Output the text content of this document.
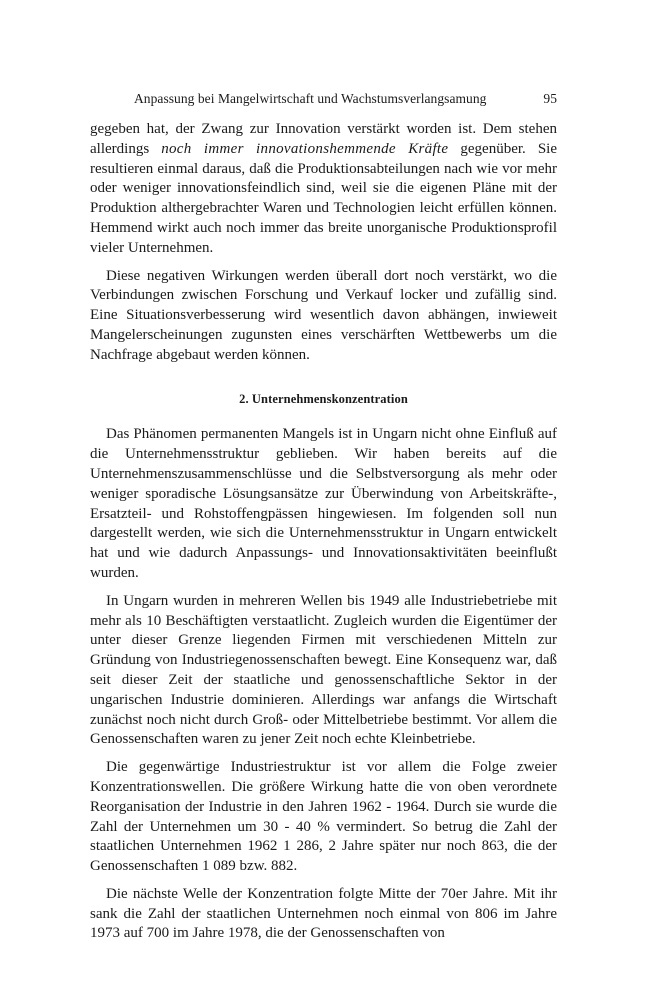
Anpassung bei Mangelwirtschaft und Wachstumsverlangsamung	95

gegeben hat, der Zwang zur Innovation verstärkt worden ist. Dem stehen allerdings noch immer innovationshemmende Kräfte gegenüber. Sie resultieren einmal daraus, daß die Produktionsabteilungen nach wie vor mehr oder weniger innovationsfeindlich sind, weil sie die eigenen Pläne mit der Produktion althergebrachter Waren und Technologien leicht erfüllen können. Hemmend wirkt auch noch immer das breite unorganische Produktionsprofil vieler Unternehmen.

Diese negativen Wirkungen werden überall dort noch verstärkt, wo die Verbindungen zwischen Forschung und Verkauf locker und zufällig sind. Eine Situationsverbesserung wird wesentlich davon abhängen, inwieweit Mangelerscheinungen zugunsten eines verschärften Wettbewerbs um die Nachfrage abgebaut werden können.

2. Unternehmenskonzentration

Das Phänomen permanenten Mangels ist in Ungarn nicht ohne Einfluß auf die Unternehmensstruktur geblieben. Wir haben bereits auf die Unternehmenszusammenschlüsse und die Selbstversorgung als mehr oder weniger sporadische Lösungsansätze zur Überwindung von Arbeitskräfte-, Ersatzteil- und Rohstoffengpässen hingewiesen. Im folgenden soll nun dargestellt werden, wie sich die Unternehmensstruktur in Ungarn entwickelt hat und wie dadurch Anpassungs- und Innovationsaktivitäten beeinflußt wurden.

In Ungarn wurden in mehreren Wellen bis 1949 alle Industriebetriebe mit mehr als 10 Beschäftigten verstaatlicht. Zugleich wurden die Eigentümer der unter dieser Grenze liegenden Firmen mit verschiedenen Mitteln zur Gründung von Industriegenossenschaften bewegt. Eine Konsequenz war, daß seit dieser Zeit der staatliche und genossenschaftliche Sektor in der ungarischen Industrie dominieren. Allerdings war anfangs die Wirtschaft zunächst noch nicht durch Groß- oder Mittelbetriebe bestimmt. Vor allem die Genossenschaften waren zu jener Zeit noch echte Kleinbetriebe.

Die gegenwärtige Industriestruktur ist vor allem die Folge zweier Konzentrationswellen. Die größere Wirkung hatte die von oben verordnete Reorganisation der Industrie in den Jahren 1962 - 1964. Durch sie wurde die Zahl der Unternehmen um 30 - 40 % vermindert. So betrug die Zahl der staatlichen Unternehmen 1962 1 286, 2 Jahre später nur noch 863, die der Genossenschaften 1 089 bzw. 882.

Die nächste Welle der Konzentration folgte Mitte der 70er Jahre. Mit ihr sank die Zahl der staatlichen Unternehmen noch einmal von 806 im Jahre 1973 auf 700 im Jahre 1978, die der Genossenschaften von
